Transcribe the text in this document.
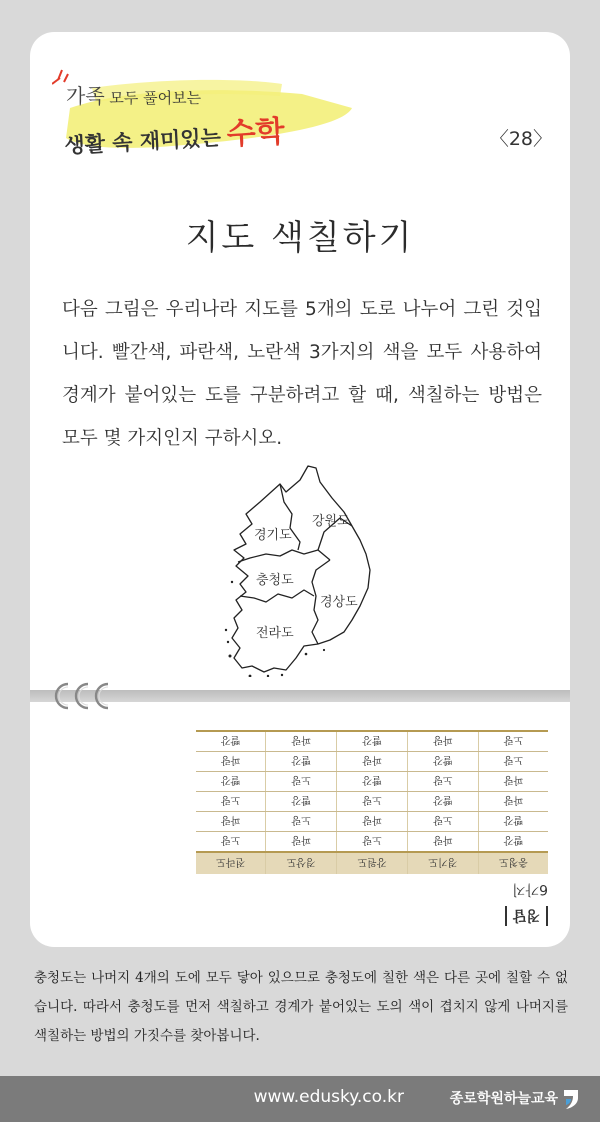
가족 모두 풀어보는
생활 속 재미있는 수학	〈28〉
지도 색칠하기
다음 그림은 우리나라 지도를 5개의 도로 나누어 그린 것입니다. 빨간색, 파란색, 노란색 3가지의 색을 모두 사용하여 경계가 붙어있는 도를 구분하려고 할 때, 색칠하는 방법은 모두 몇 가지인지 구하시오.
강원도
경기도
충청도
경상도
전라도
정답
6가지
충청도	경기도	강원도	경상도	전라도
빨강	파랑	노랑	파랑	노랑
빨강	노랑	파랑	노랑	파랑
파랑	빨강	노랑	빨강	노랑
파랑	노랑	빨강	노랑	빨강
노랑	빨강	파랑	빨강	파랑
노랑	파랑	빨강	파랑	빨강
충청도는 나머지 4개의 도에 모두 닿아 있으므로 충청도에 칠한 색은 다른 곳에 칠할 수 없습니다. 따라서 충청도를 먼저 색칠하고 경계가 붙어있는 도의 색이 겹치지 않게 나머지를 색칠하는 방법의 가짓수를 찾아봅니다.
www.edusky.co.kr	종로학원하늘교육
